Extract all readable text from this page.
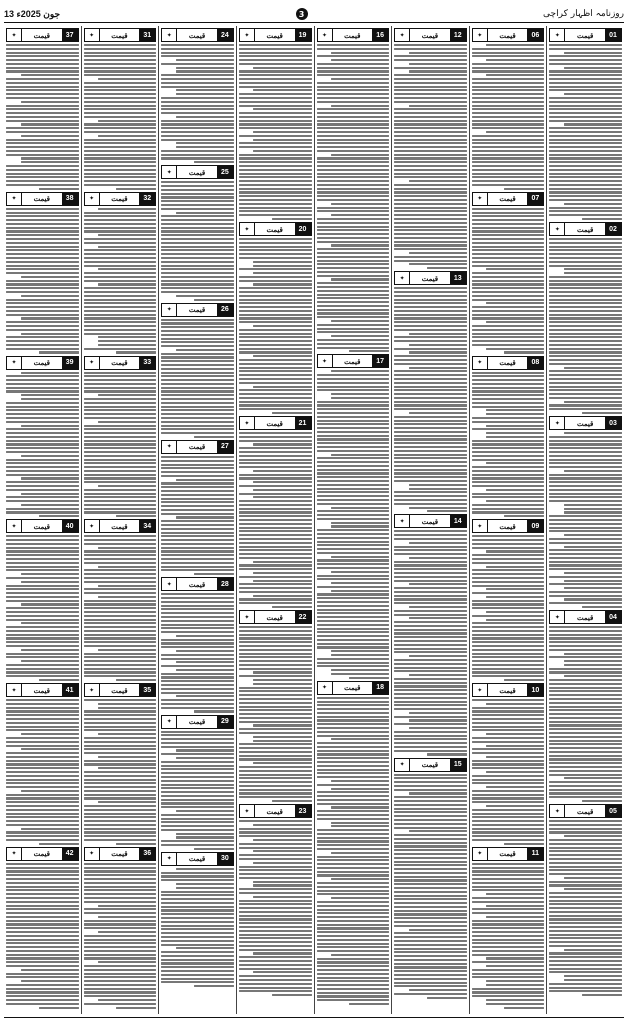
13 جون 2025ء	3	روزنامہ اظہار کراچی
01
قیمت
✦
02
قیمت
✦
03
قیمت
✦
04
قیمت
✦
05
قیمت
✦
06
قیمت
✦
07
قیمت
✦
08
قیمت
✦
09
قیمت
✦
10
قیمت
✦
11
قیمت
✦
12
قیمت
✦
13
قیمت
✦
14
قیمت
✦
15
قیمت
✦
16
قیمت
✦
17
قیمت
✦
18
قیمت
✦
19
قیمت
✦
20
قیمت
✦
21
قیمت
✦
22
قیمت
✦
23
قیمت
✦
24
قیمت
✦
25
قیمت
✦
26
قیمت
✦
27
قیمت
✦
28
قیمت
✦
29
قیمت
✦
30
قیمت
✦
31
قیمت
✦
32
قیمت
✦
33
قیمت
✦
34
قیمت
✦
35
قیمت
✦
36
قیمت
✦
37
قیمت
✦
38
قیمت
✦
39
قیمت
✦
40
قیمت
✦
41
قیمت
✦
42
قیمت
✦
